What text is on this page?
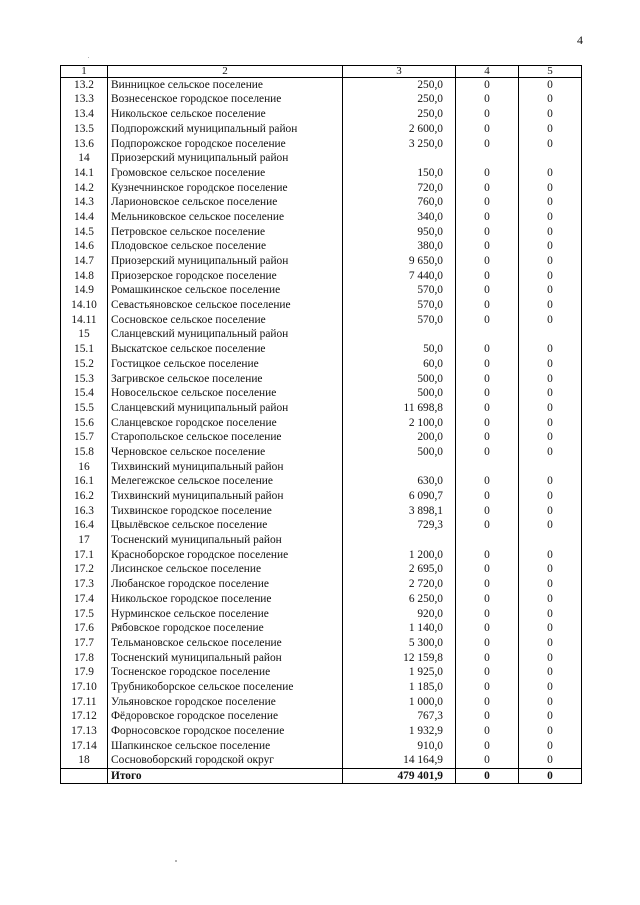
4
1	2	3	4	5
13.2	Винницкое сельское поселение	250,0	0	0
13.3	Вознесенское городское поселение	250,0	0	0
13.4	Никольское сельское поселение	250,0	0	0
13.5	Подпорожский муниципальный район	2 600,0	0	0
13.6	Подпорожское городское поселение	3 250,0	0	0
14	Приозерский муниципальный район			
14.1	Громовское сельское поселение	150,0	0	0
14.2	Кузнечнинское городское поселение	720,0	0	0
14.3	Ларионовское сельское поселение	760,0	0	0
14.4	Мельниковское сельское поселение	340,0	0	0
14.5	Петровское сельское поселение	950,0	0	0
14.6	Плодовское сельское поселение	380,0	0	0
14.7	Приозерский муниципальный район	9 650,0	0	0
14.8	Приозерское городское поселение	7 440,0	0	0
14.9	Ромашкинское сельское поселение	570,0	0	0
14.10	Севастьяновское сельское поселение	570,0	0	0
14.11	Сосновское сельское поселение	570,0	0	0
15	Сланцевский муниципальный район			
15.1	Выскатское сельское поселение	50,0	0	0
15.2	Гостицкое сельское поселение	60,0	0	0
15.3	Загривское сельское поселение	500,0	0	0
15.4	Новосельское сельское поселение	500,0	0	0
15.5	Сланцевский муниципальный район	11 698,8	0	0
15.6	Сланцевское городское поселение	2 100,0	0	0
15.7	Старопольское сельское поселение	200,0	0	0
15.8	Черновское сельское поселение	500,0	0	0
16	Тихвинский муниципальный район			
16.1	Мелегежское сельское поселение	630,0	0	0
16.2	Тихвинский муниципальный район	6 090,7	0	0
16.3	Тихвинское городское поселение	3 898,1	0	0
16.4	Цвылёвское сельское поселение	729,3	0	0
17	Тосненский муниципальный район			
17.1	Красноборское городское поселение	1 200,0	0	0
17.2	Лисинское сельское поселение	2 695,0	0	0
17.3	Любанское городское поселение	2 720,0	0	0
17.4	Никольское городское поселение	6 250,0	0	0
17.5	Нурминское сельское поселение	920,0	0	0
17.6	Рябовское городское поселение	1 140,0	0	0
17.7	Тельмановское сельское поселение	5 300,0	0	0
17.8	Тосненский муниципальный район	12 159,8	0	0
17.9	Тосненское городское поселение	1 925,0	0	0
17.10	Трубникоборское сельское поселение	1 185,0	0	0
17.11	Ульяновское городское поселение	1 000,0	0	0
17.12	Фёдоровское городское поселение	767,3	0	0
17.13	Форносовское городское поселение	1 932,9	0	0
17.14	Шапкинское сельское поселение	910,0	0	0
18	Сосновоборский городской округ	14 164,9	0	0
	Итого	479 401,9	0	0
